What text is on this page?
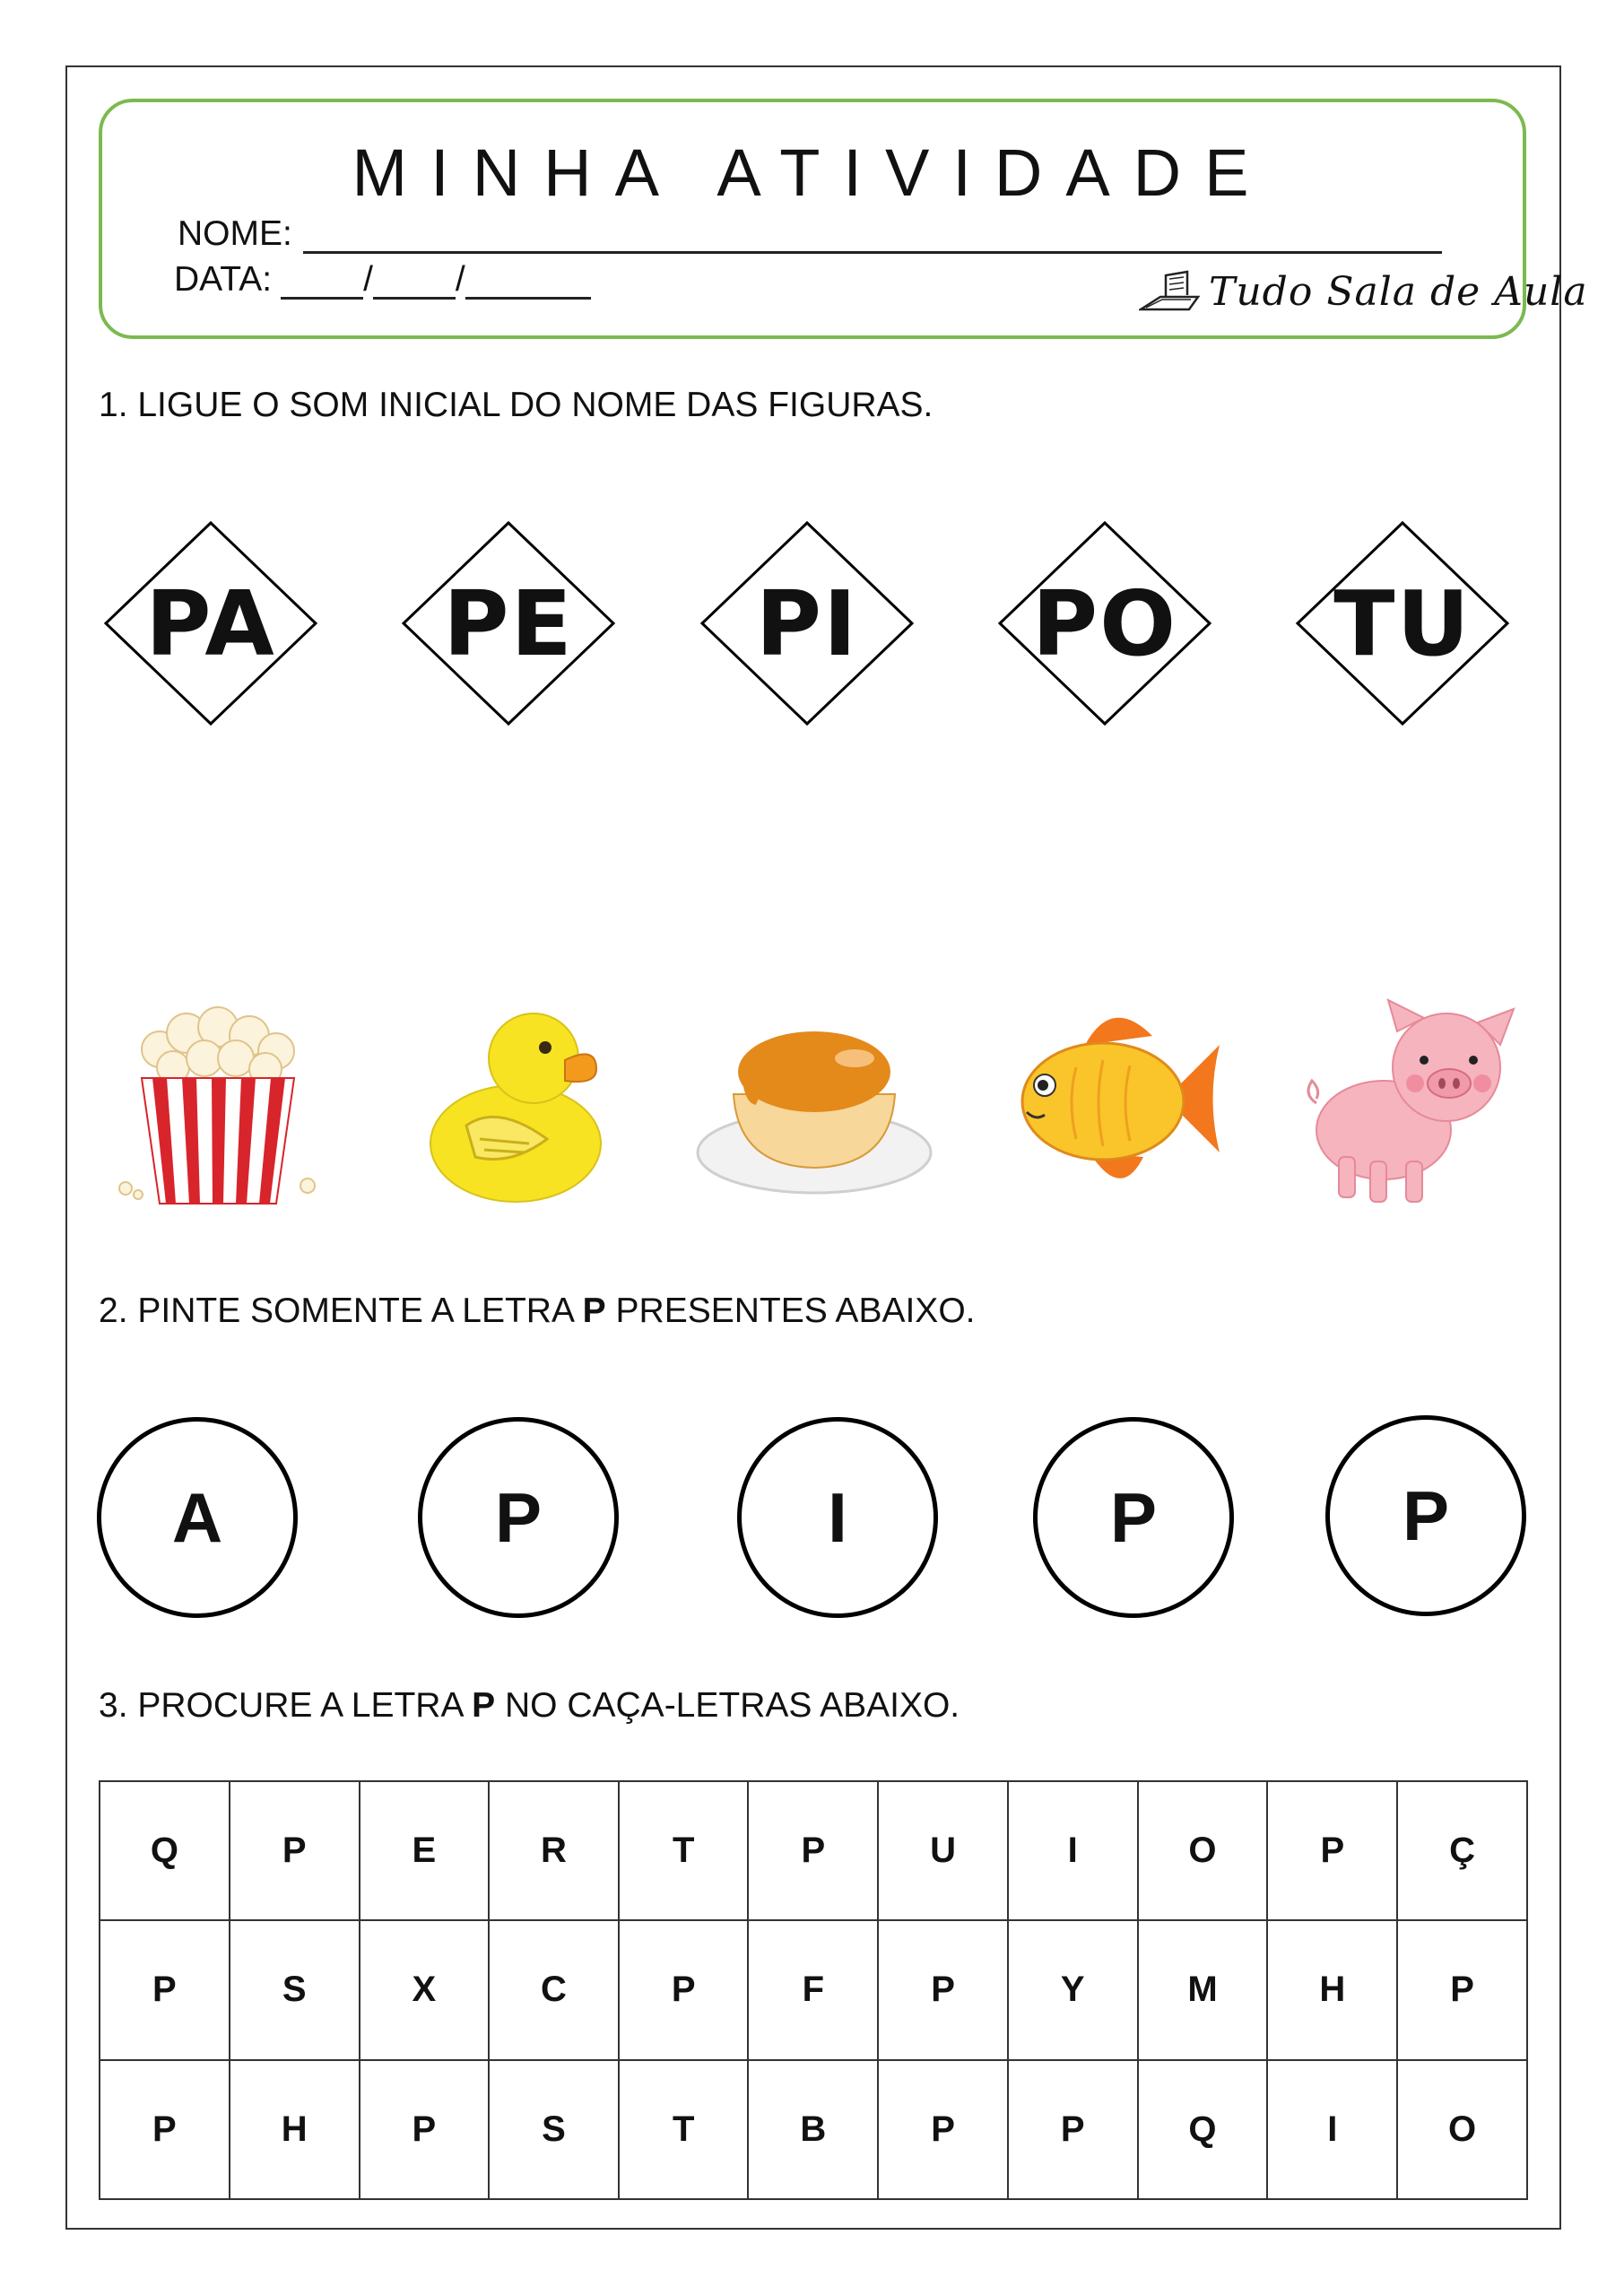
MINHA ATIVIDADE
NOME:
DATA:	/ /	Tudo Sala de Aula
1. LIGUE O SOM INICIAL DO NOME DAS FIGURAS.
PA	PE	PI	PO	TU
2. PINTE SOMENTE A LETRA P PRESENTES ABAIXO.
A	P	I	P	P
3. PROCURE A LETRA P NO CAÇA-LETRAS ABAIXO.
Q	P	E	R	T	P	U	I	O	P	Ç
P	S	X	C	P	F	P	Y	M	H	P
P	H	P	S	T	B	P	P	Q	I	O
